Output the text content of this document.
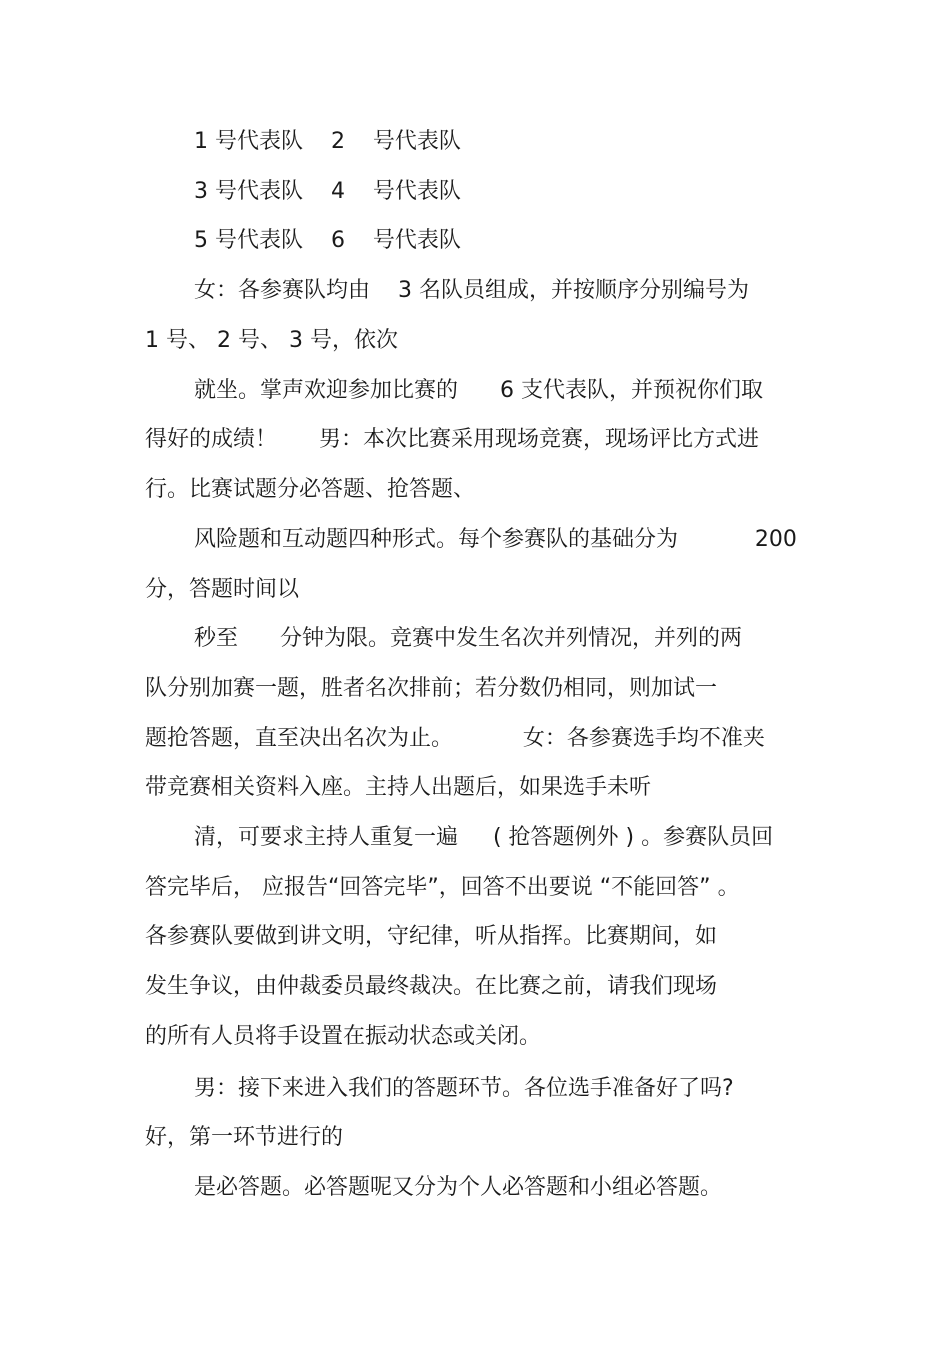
1 号代表队    2    号代表队
3 号代表队    4    号代表队
5 号代表队    6    号代表队
女：各参赛队均由    3 名队员组成，并按顺序分别编号为
1 号、 2 号、 3 号，依次
就坐。掌声欢迎参加比赛的      6 支代表队，并预祝你们取
得好的成绩！      男：本次比赛采用现场竞赛，现场评比方式进
行。比赛试题分必答题、抢答题、
风险题和互动题四种形式。每个参赛队的基础分为           200
分，答题时间以
秒至      分钟为限。竞赛中发生名次并列情况，并列的两
队分别加赛一题，胜者名次排前；若分数仍相同，则加试一
题抢答题，直至决出名次为止。          女：各参赛选手均不准夹
带竞赛相关资料入座。主持人出题后，如果选手未听
清，可要求主持人重复一遍     ( 抢答题例外 ) 。参赛队员回
答完毕后， 应报告“回答完毕”，回答不出要说 “不能回答” 。
各参赛队要做到讲文明，守纪律，听从指挥。比赛期间，如
发生争议，由仲裁委员最终裁决。在比赛之前，请我们现场
的所有人员将手设置在振动状态或关闭。
男：接下来进入我们的答题环节。各位选手准备好了吗?
好，第一环节进行的
是必答题。必答题呢又分为个人必答题和小组必答题。
